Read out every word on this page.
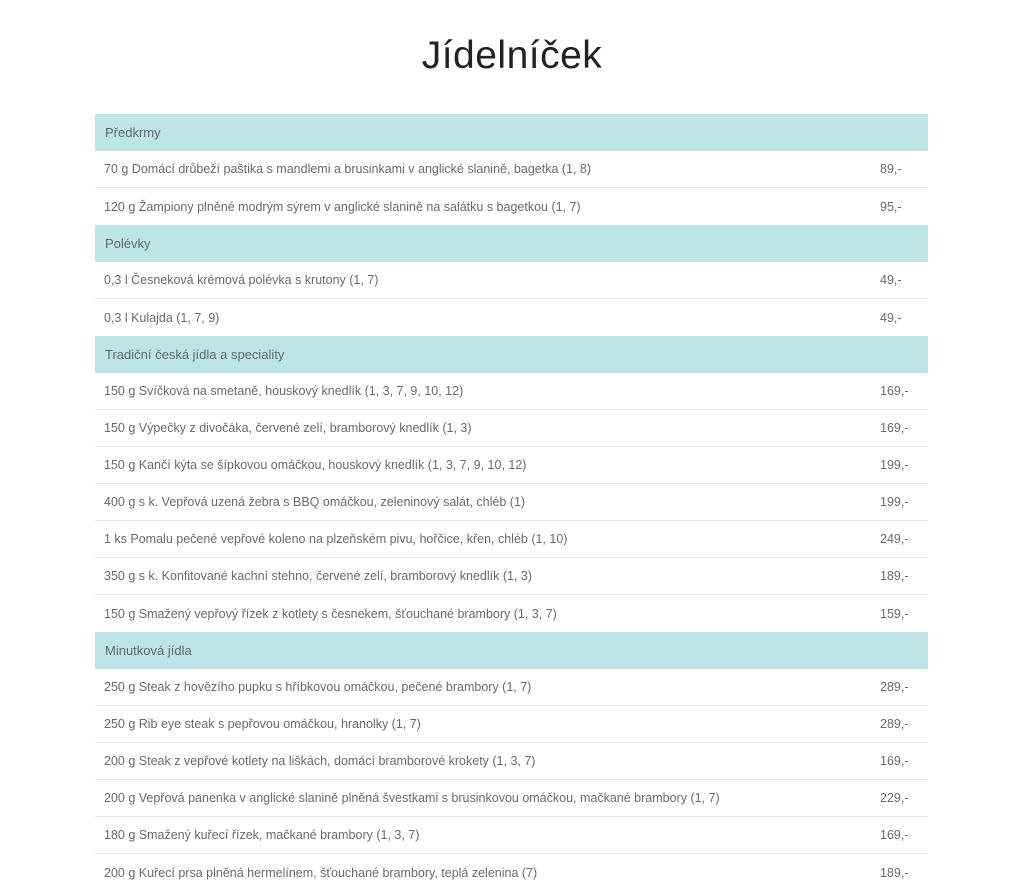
Jídelníček
Předkrmy
70 g Domácí drůbeží paštika s mandlemi a brusinkami v anglické slanině, bagetka (1, 8)	89,-
120 g Žampiony plněné modrým sýrem v anglické slanině na salátku s bagetkou (1, 7)	95,-
Polévky
0,3 l Česneková krémová polévka s krutony (1, 7)	49,-
0,3 l Kulajda (1, 7, 9)	49,-
Tradiční česká jídla a speciality
150 g Svíčková na smetaně, houskový knedlík (1, 3, 7, 9, 10, 12)	169,-
150 g Výpečky z divočáka, červené zelí, bramborový knedlík (1, 3)	169,-
150 g Kančí kýta se šípkovou omáčkou, houskový knedlík (1, 3, 7, 9, 10, 12)	199,-
400 g s k. Vepřová uzená žebra s BBQ omáčkou, zeleninový salát, chléb (1)	199,-
1 ks Pomalu pečené vepřové koleno na plzeňském pivu, hořčice, křen, chléb (1, 10)	249,-
350 g s k. Konfitované kachní stehno, červené zelí, bramborový knedlík (1, 3)	189,-
150 g Smažený vepřový řízek z kotlety s česnekem, šťouchané brambory (1, 3, 7)	159,-
Minutková jídla
250 g Steak z hovězího pupku s hříbkovou omáčkou, pečené brambory (1, 7)	289,-
250 g Rib eye steak s pepřovou omáčkou, hranolky (1, 7)	289,-
200 g Steak z vepřové kotlety na liškách, domácí bramborové krokety (1, 3, 7)	169,-
200 g Vepřová panenka v anglické slanině plněná švestkami s brusinkovou omáčkou, mačkané brambory (1, 7)	229,-
180 g Smažený kuřecí řízek, mačkané brambory (1, 3, 7)	169,-
200 g Kuřecí prsa plněná hermelínem, šťouchané brambory, teplá zelenina (7)	189,-
